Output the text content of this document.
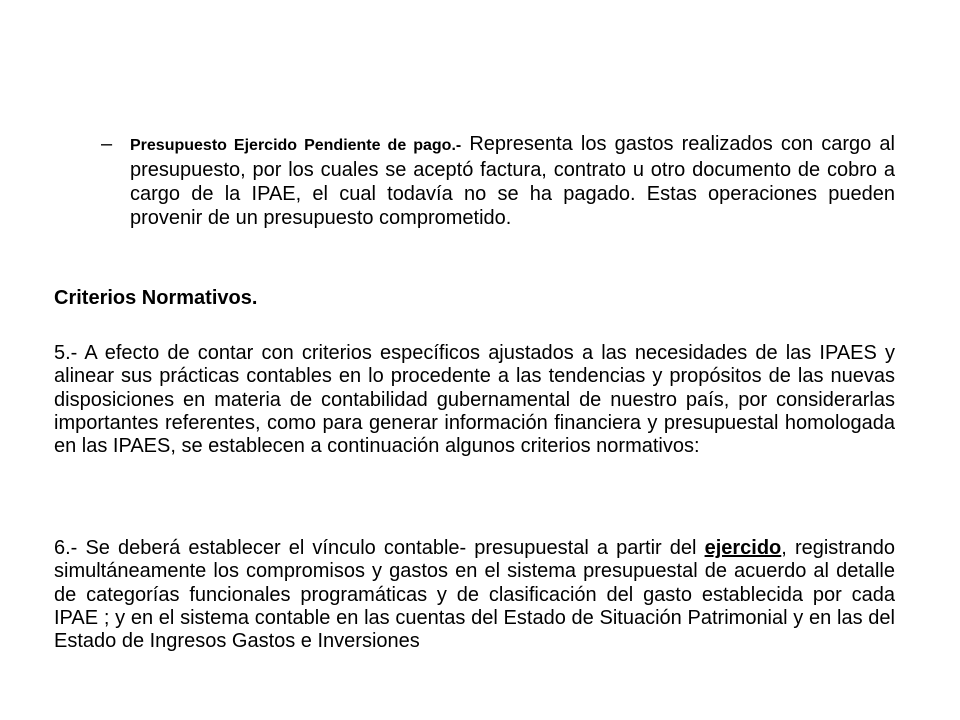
– Presupuesto Ejercido Pendiente de pago.- Representa los gastos realizados con cargo al presupuesto, por los cuales se aceptó factura, contrato u otro documento de cobro a cargo de la IPAE, el cual todavía no se ha pagado. Estas operaciones pueden provenir de un presupuesto comprometido.
Criterios Normativos.

5.- A efecto de contar con criterios específicos ajustados a las necesidades de las IPAES y alinear sus prácticas contables en lo procedente a las tendencias y propósitos de las nuevas disposiciones en materia de contabilidad gubernamental de nuestro país, por considerarlas importantes referentes, como para generar información financiera y presupuestal homologada en las IPAES, se establecen a continuación algunos criterios normativos:

6.- Se deberá establecer el vínculo contable- presupuestal a partir del ejercido, registrando simultáneamente los compromisos y gastos en el sistema presupuestal de acuerdo al detalle de categorías funcionales programáticas y de clasificación del gasto establecida por cada IPAE ; y en el sistema contable en las cuentas del Estado de Situación Patrimonial y en las del Estado de Ingresos Gastos e Inversiones
